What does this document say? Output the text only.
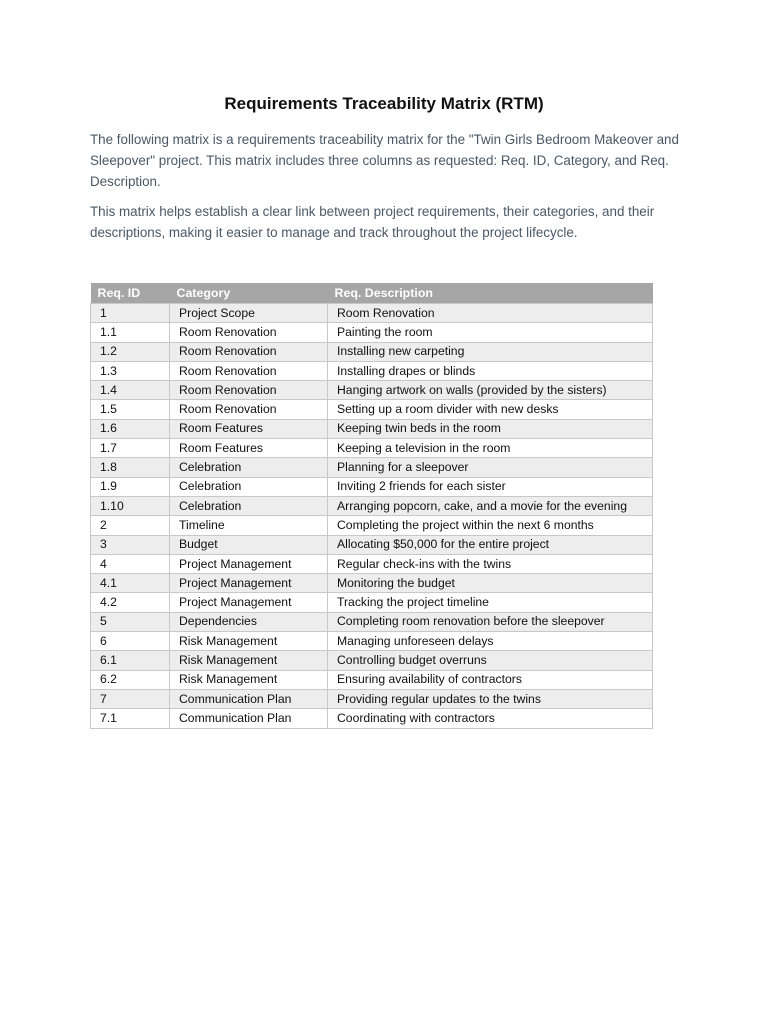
Requirements Traceability Matrix (RTM)

The following matrix is a requirements traceability matrix for the "Twin Girls Bedroom Makeover and Sleepover" project. This matrix includes three columns as requested: Req. ID, Category, and Req. Description.

This matrix helps establish a clear link between project requirements, their categories, and their descriptions, making it easier to manage and track throughout the project lifecycle.

Req. ID	Category	Req. Description
1	Project Scope	Room Renovation
1.1	Room Renovation	Painting the room
1.2	Room Renovation	Installing new carpeting
1.3	Room Renovation	Installing drapes or blinds
1.4	Room Renovation	Hanging artwork on walls (provided by the sisters)
1.5	Room Renovation	Setting up a room divider with new desks
1.6	Room Features	Keeping twin beds in the room
1.7	Room Features	Keeping a television in the room
1.8	Celebration	Planning for a sleepover
1.9	Celebration	Inviting 2 friends for each sister
1.10	Celebration	Arranging popcorn, cake, and a movie for the evening
2	Timeline	Completing the project within the next 6 months
3	Budget	Allocating $50,000 for the entire project
4	Project Management	Regular check-ins with the twins
4.1	Project Management	Monitoring the budget
4.2	Project Management	Tracking the project timeline
5	Dependencies	Completing room renovation before the sleepover
6	Risk Management	Managing unforeseen delays
6.1	Risk Management	Controlling budget overruns
6.2	Risk Management	Ensuring availability of contractors
7	Communication Plan	Providing regular updates to the twins
7.1	Communication Plan	Coordinating with contractors
